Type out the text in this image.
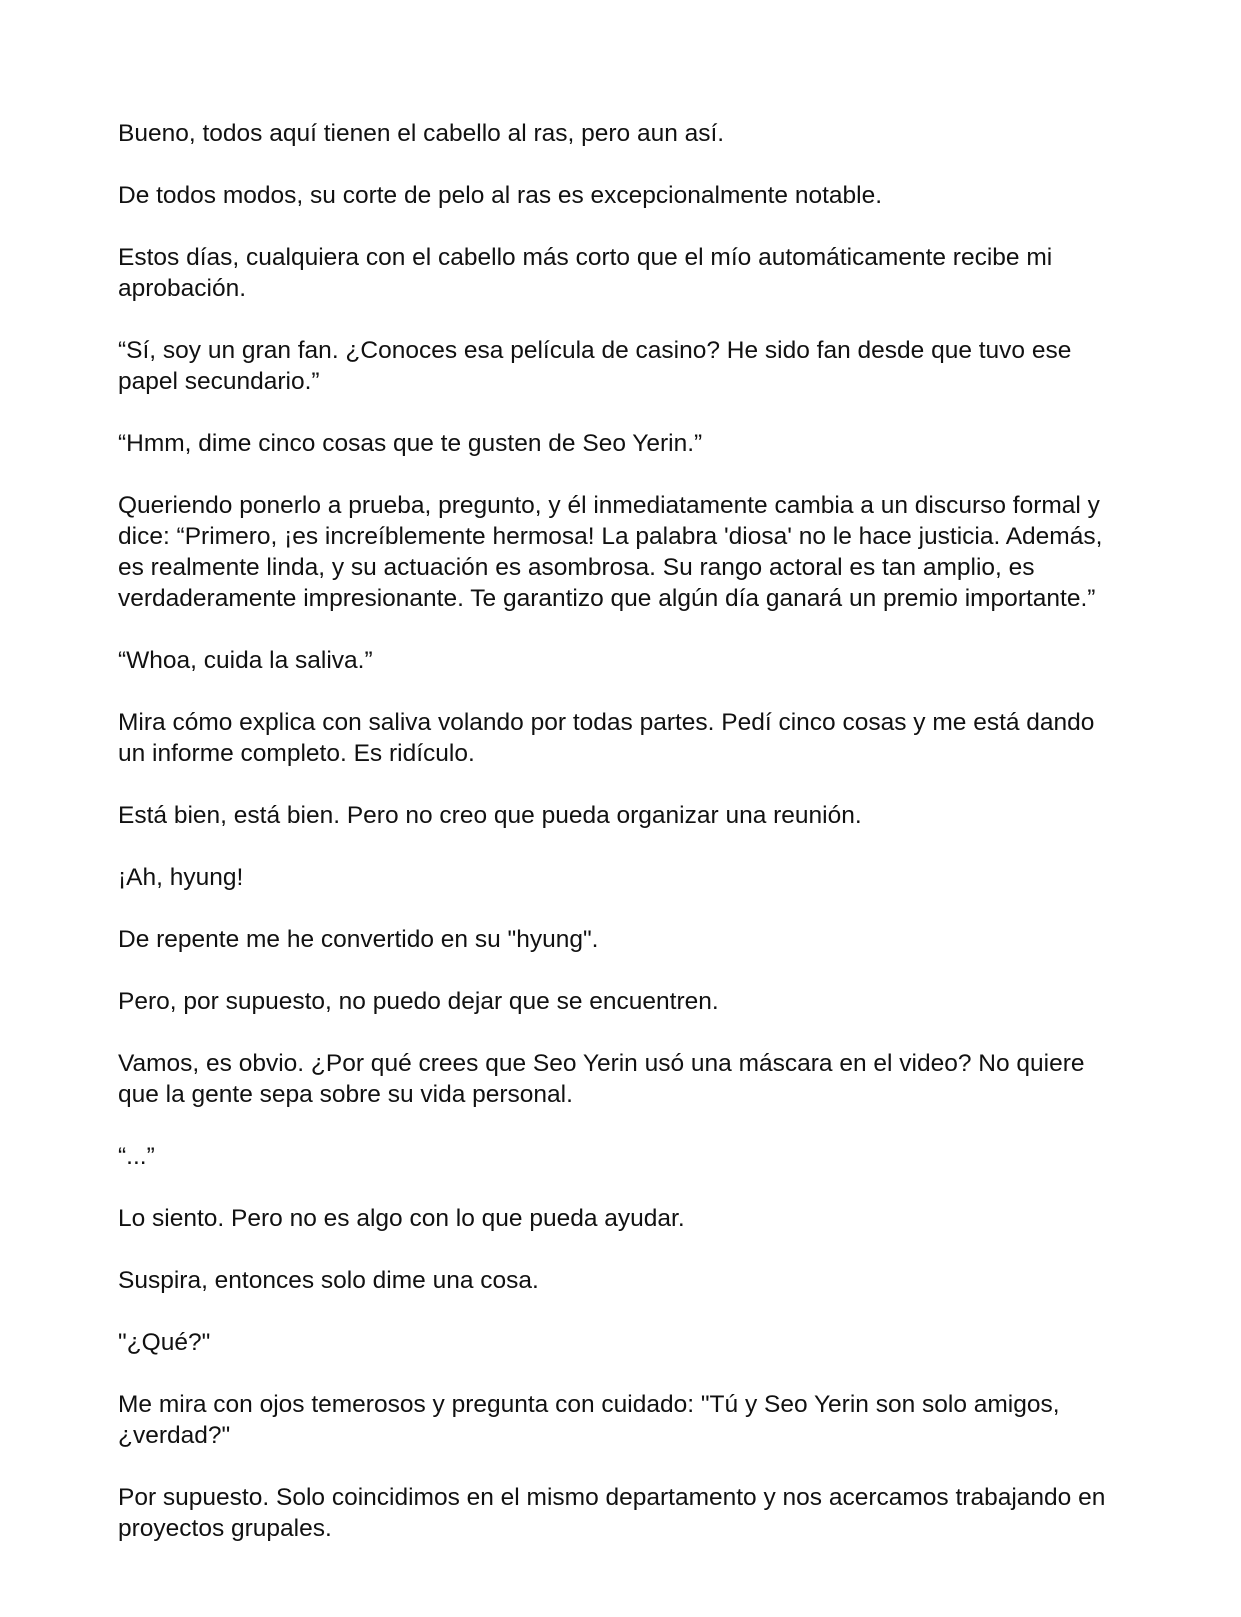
Bueno, todos aquí tienen el cabello al ras, pero aun así.

De todos modos, su corte de pelo al ras es excepcionalmente notable.

Estos días, cualquiera con el cabello más corto que el mío automáticamente recibe mi aprobación.

“Sí, soy un gran fan. ¿Conoces esa película de casino? He sido fan desde que tuvo ese papel secundario.”

“Hmm, dime cinco cosas que te gusten de Seo Yerin.”

Queriendo ponerlo a prueba, pregunto, y él inmediatamente cambia a un discurso formal y dice: “Primero, ¡es increíblemente hermosa! La palabra 'diosa' no le hace justicia. Además, es realmente linda, y su actuación es asombrosa. Su rango actoral es tan amplio, es verdaderamente impresionante. Te garantizo que algún día ganará un premio importante.”

“Whoa, cuida la saliva.”

Mira cómo explica con saliva volando por todas partes. Pedí cinco cosas y me está dando un informe completo. Es ridículo.

Está bien, está bien. Pero no creo que pueda organizar una reunión.

¡Ah, hyung!

De repente me he convertido en su "hyung".

Pero, por supuesto, no puedo dejar que se encuentren.

Vamos, es obvio. ¿Por qué crees que Seo Yerin usó una máscara en el video? No quiere que la gente sepa sobre su vida personal.

“...”

Lo siento. Pero no es algo con lo que pueda ayudar.

Suspira, entonces solo dime una cosa.

"¿Qué?"

Me mira con ojos temerosos y pregunta con cuidado: "Tú y Seo Yerin son solo amigos, ¿verdad?"

Por supuesto. Solo coincidimos en el mismo departamento y nos acercamos trabajando en proyectos grupales.
